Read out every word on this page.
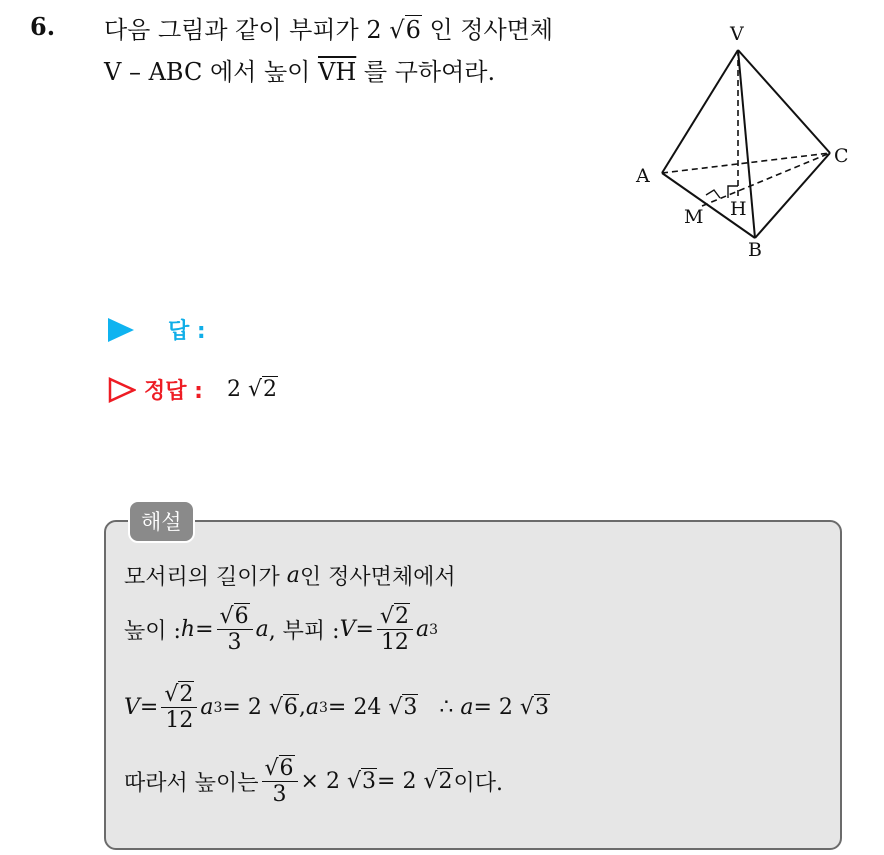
6. 다음 그림과 같이 부피가 2 √6 인 정사면체
V – ABC 에서 높이 $\overline{VH}$ 를 구하여라.
V
A
B
C
H
M
답 :
정답 : 2 √2
해설
모서리의 길이가
a 인 정사면체에서
높이 : $h = \frac{√6}{3}$ a , 부피 : $V = \frac{√2}{12}$ a 3
$V = \frac{√2}{12}$ a 3 = 2
√6 , a 3 = 24
√3 ∴ a = 2
√3
따라서 높이는 $\frac{√6}{3} \times 2$
√3 = 2
√2 이다.
